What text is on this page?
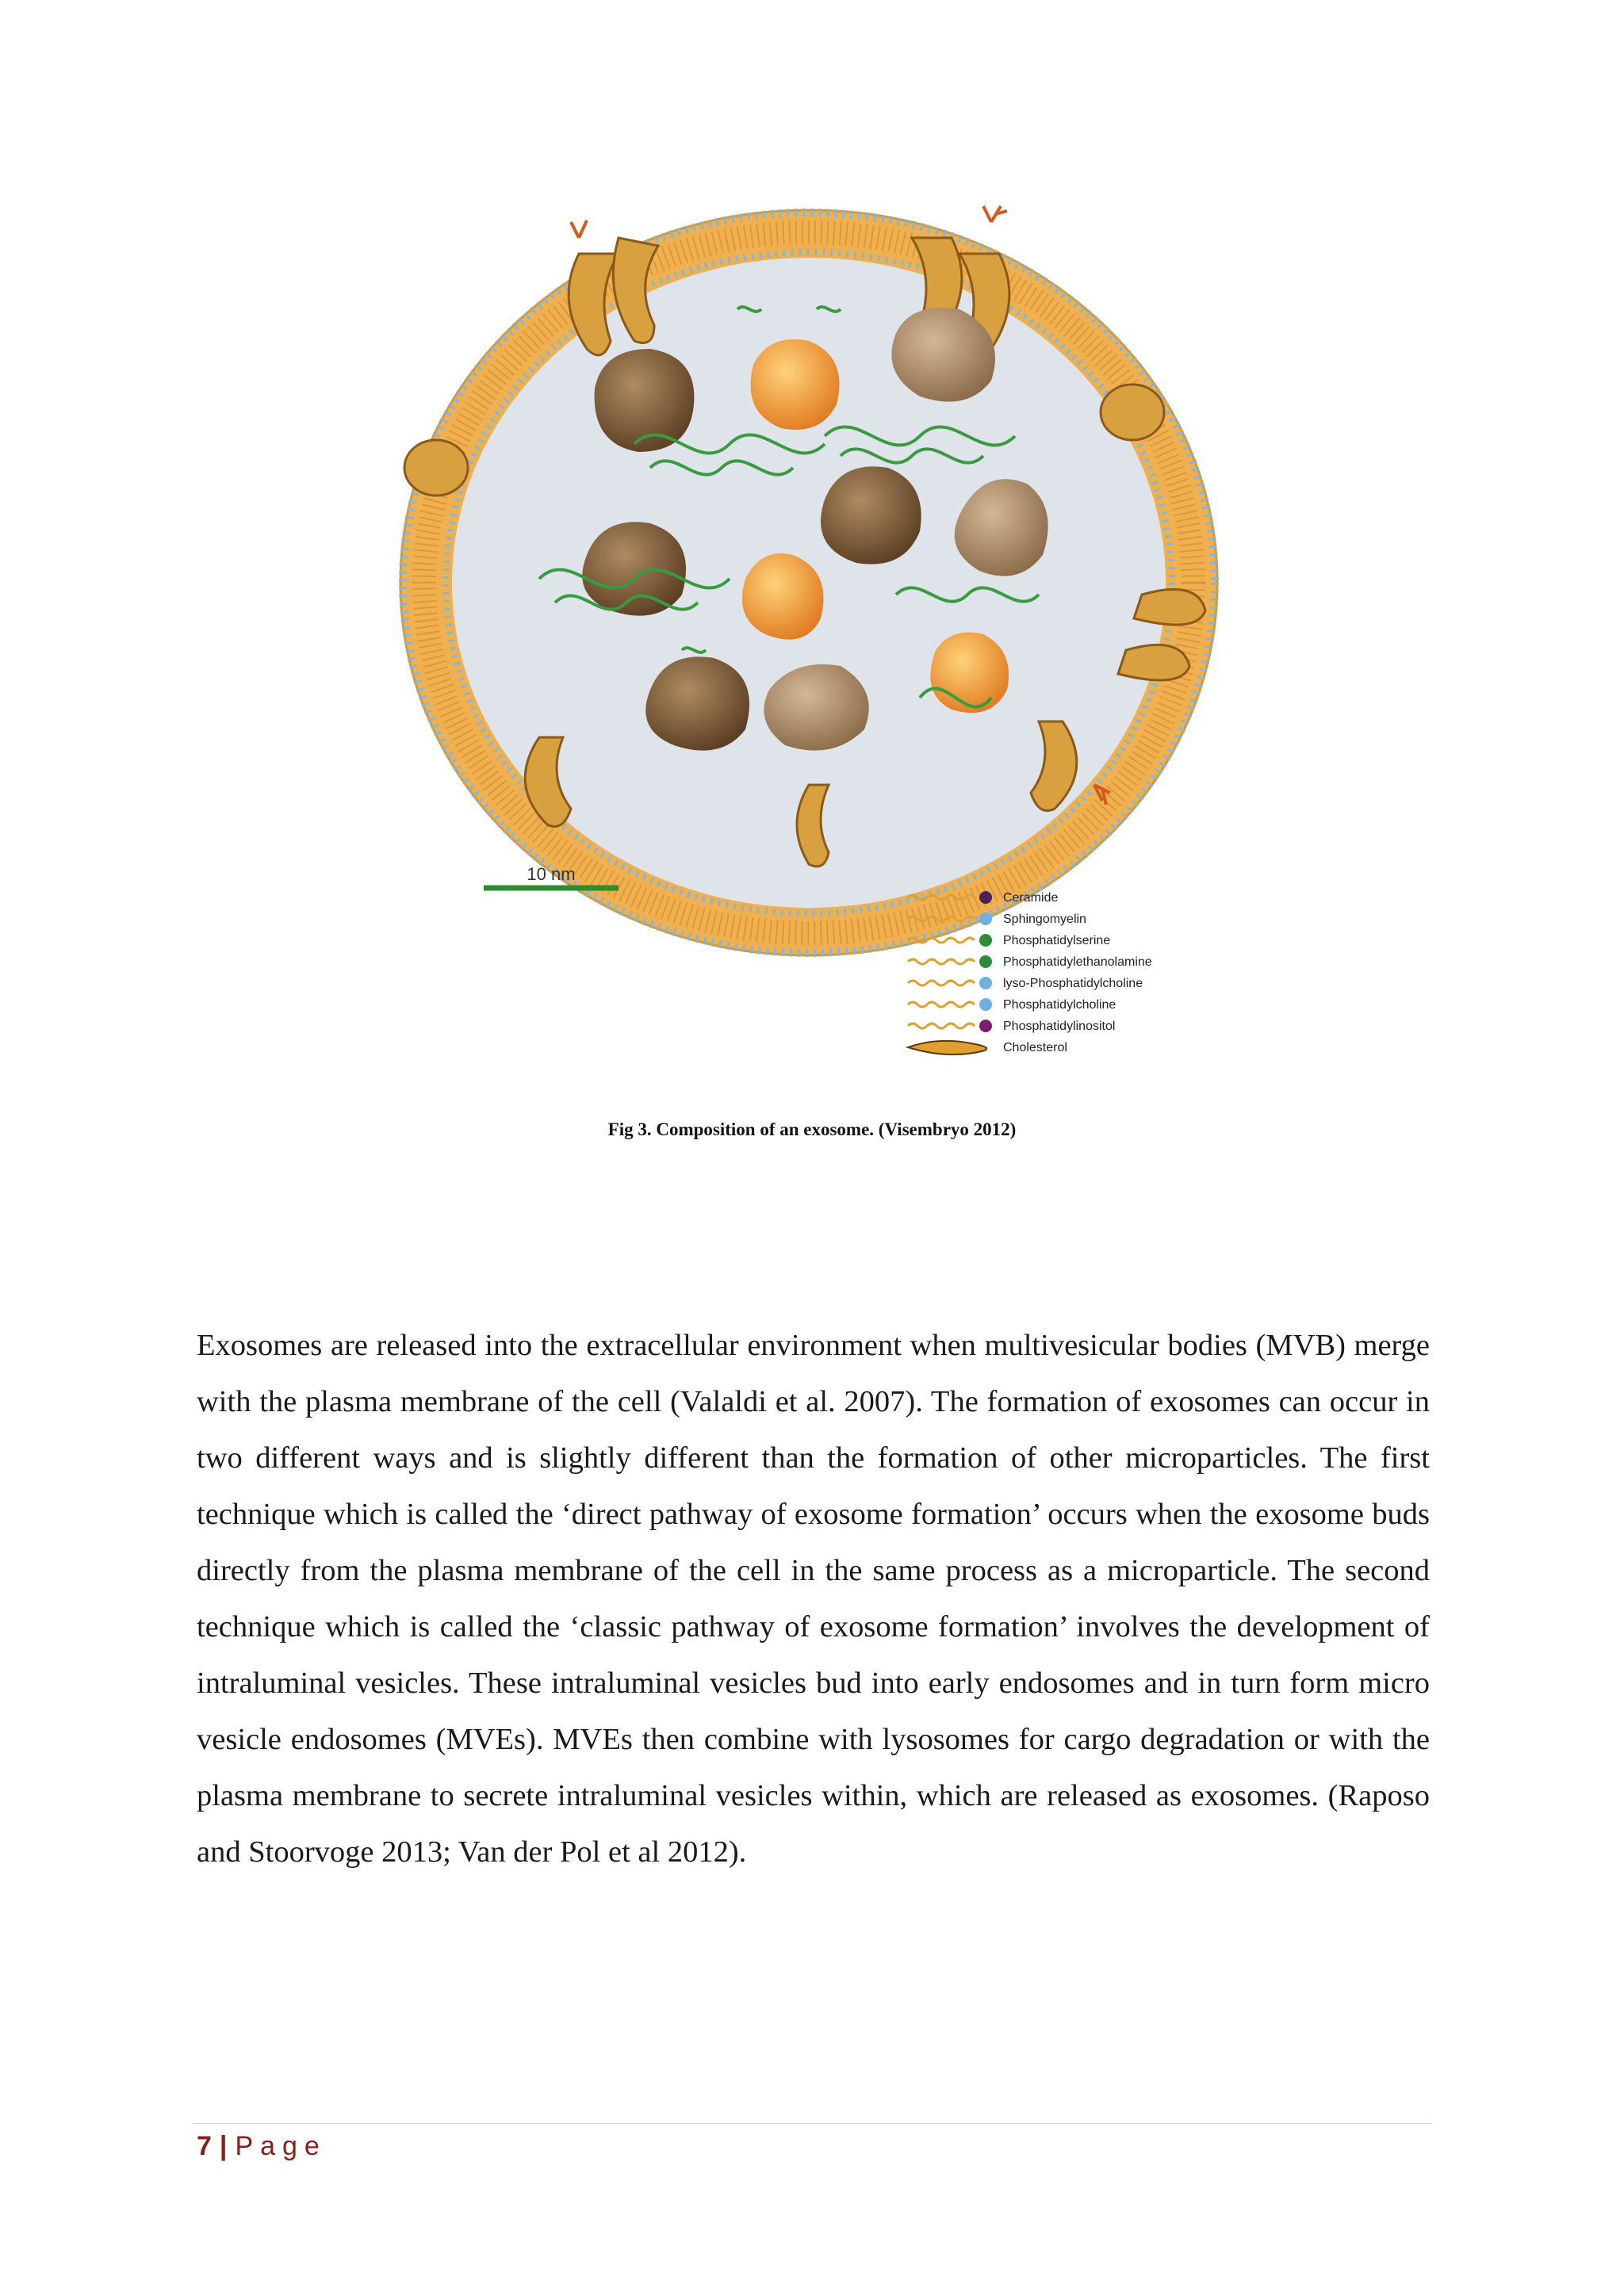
10 nm
Ceramide
Sphingomyelin
Phosphatidylserine
Phosphatidylethanolamine
lyso-Phosphatidylcholine
Phosphatidylcholine
Phosphatidylinositol
Cholesterol
Fig 3. Composition of an exosome. (Visembryo 2012)

Exosomes are released into the extracellular environment when multivesicular bodies (MVB) merge with the plasma membrane of the cell (Valaldi et al. 2007). The formation of exosomes can occur in two different ways and is slightly different than the formation of other microparticles. The first technique which is called the ‘direct pathway of exosome formation’ occurs when the exosome buds directly from the plasma membrane of the cell in the same process as a microparticle. The second technique which is called the ‘classic pathway of exosome formation’ involves the development of intraluminal vesicles. These intraluminal vesicles bud into early endosomes and in turn form micro vesicle endosomes (MVEs). MVEs then combine with lysosomes for cargo degradation or with the plasma membrane to secrete intraluminal vesicles within, which are released as exosomes. (Raposo and Stoorvoge 2013; Van der Pol et al 2012).

7 | Page
